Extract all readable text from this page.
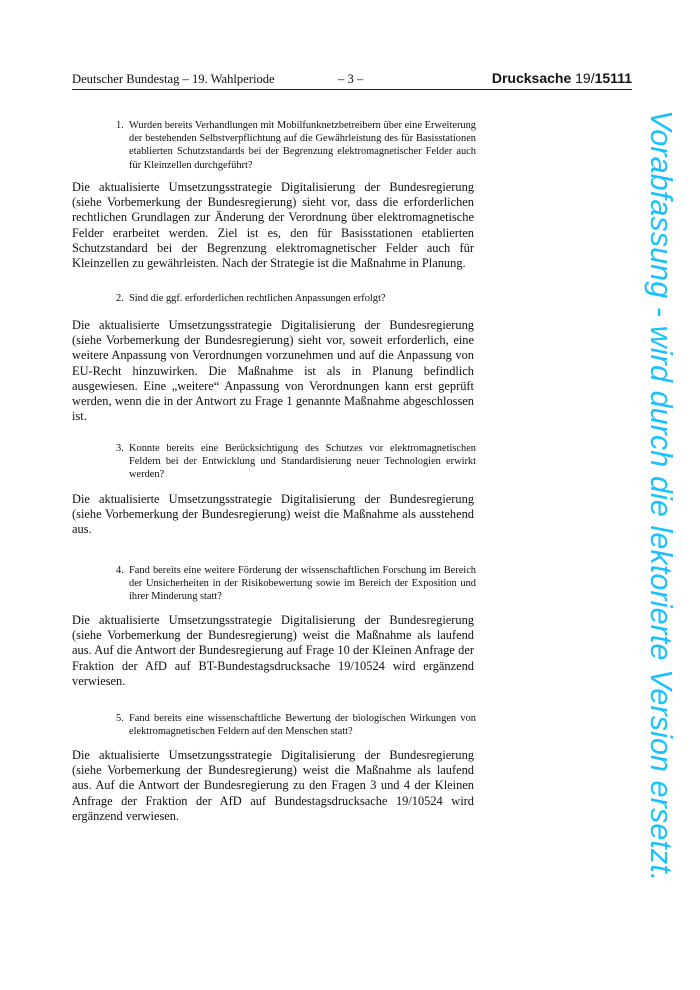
Deutscher Bundestag – 19. Wahlperiode	– 3 –	Drucksache 19/15111
1. Wurden bereits Verhandlungen mit Mobilfunknetzbetreibern über eine Erweiterung der bestehenden Selbstverpflichtung auf die Gewährleistung des für Basisstationen etablierten Schutzstandards bei der Begrenzung elektromagnetischer Felder auch für Kleinzellen durchgeführt?
Die aktualisierte Umsetzungsstrategie Digitalisierung der Bundesregierung (siehe Vorbemerkung der Bundesregierung) sieht vor, dass die erforderlichen rechtlichen Grundlagen zur Änderung der Verordnung über elektromagnetische Felder erarbeitet werden. Ziel ist es, den für Basisstationen etablierten Schutzstandard bei der Begrenzung elektromagnetischer Felder auch für Kleinzellen zu gewährleisten. Nach der Strategie ist die Maßnahme in Planung.
2. Sind die ggf. erforderlichen rechtlichen Anpassungen erfolgt?
Die aktualisierte Umsetzungsstrategie Digitalisierung der Bundesregierung (siehe Vorbemerkung der Bundesregierung) sieht vor, soweit erforderlich, eine weitere Anpassung von Verordnungen vorzunehmen und auf die Anpassung von EU-Recht hinzuwirken. Die Maßnahme ist als in Planung befindlich ausgewiesen. Eine „weitere“ Anpassung von Verordnungen kann erst geprüft werden, wenn die in der Antwort zu Frage 1 genannte Maßnahme abgeschlossen ist.
3. Konnte bereits eine Berücksichtigung des Schutzes vor elektromagnetischen Feldern bei der Entwicklung und Standardisierung neuer Technologien erwirkt werden?
Die aktualisierte Umsetzungsstrategie Digitalisierung der Bundesregierung (siehe Vorbemerkung der Bundesregierung) weist die Maßnahme als ausstehend aus.
4. Fand bereits eine weitere Förderung der wissenschaftlichen Forschung im Bereich der Unsicherheiten in der Risikobewertung sowie im Bereich der Exposition und ihrer Minderung statt?
Die aktualisierte Umsetzungsstrategie Digitalisierung der Bundesregierung (siehe Vorbemerkung der Bundesregierung) weist die Maßnahme als laufend aus. Auf die Antwort der Bundesregierung auf Frage 10 der Kleinen Anfrage der Fraktion der AfD auf BT-Bundestagsdrucksache 19/10524 wird ergänzend verwiesen.
5. Fand bereits eine wissenschaftliche Bewertung der biologischen Wirkungen von elektromagnetischen Feldern auf den Menschen statt?
Die aktualisierte Umsetzungsstrategie Digitalisierung der Bundesregierung (siehe Vorbemerkung der Bundesregierung) weist die Maßnahme als laufend aus. Auf die Antwort der Bundesregierung zu den Fragen 3 und 4 der Kleinen Anfrage der Fraktion der AfD auf Bundestagsdrucksache 19/10524 wird ergänzend verwiesen.	Vorabfassung - wird durch die lektorierte Version ersetzt.
